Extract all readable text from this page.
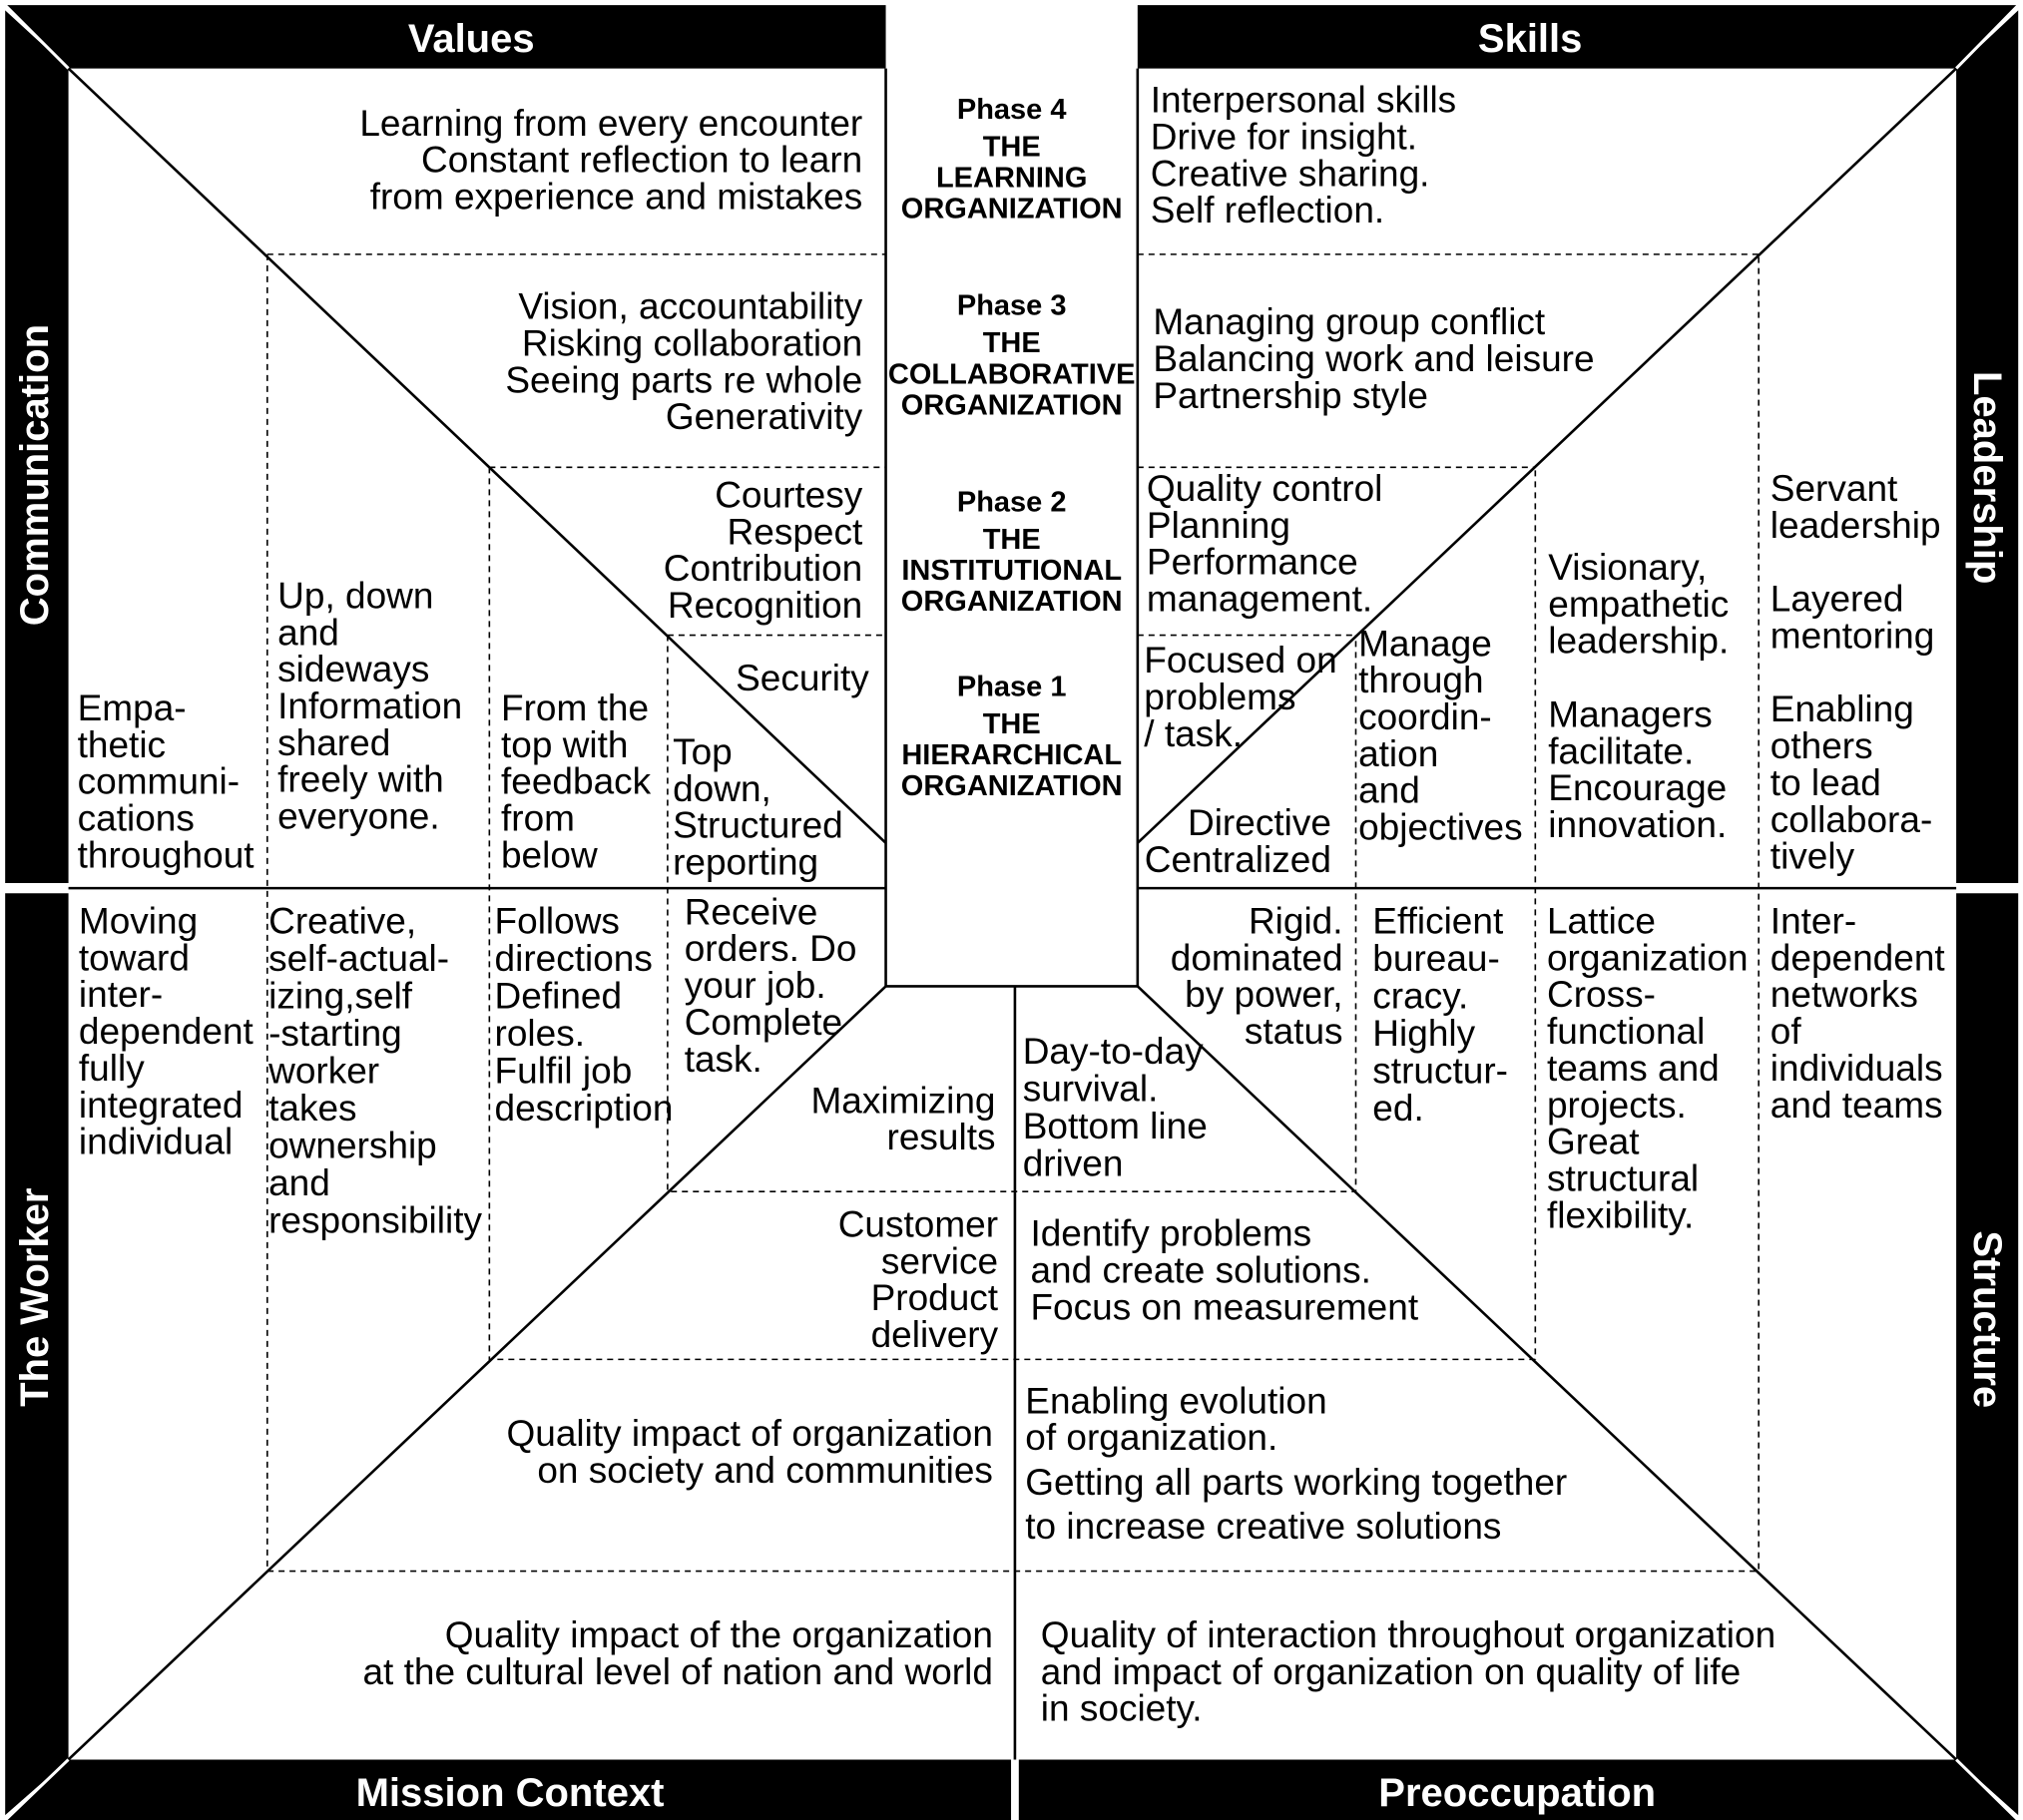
Values	Skills
Mission Context	Preoccupation
Communication
The Worker
Leadership
Structure
Phase 4
THE
LEARNING
ORGANIZATION
Phase 3
THE
COLLABORATIVE
ORGANIZATION
Phase 2
THE
INSTITUTIONAL
ORGANIZATION
Phase 1
THE
HIERARCHICAL
ORGANIZATION
Learning from every encounter
Constant reflection to learn
from experience and mistakes
Vision, accountability
Risking collaboration
Seeing parts re whole
Generativity
Courtesy
Respect
Contribution
Recognition
Security
Interpersonal skills
Drive for insight.
Creative sharing.
Self reflection.
Managing group conflict
Balancing work and leisure
Partnership style
Quality control
Planning
Performance
management.
Focused on
problems
/ task.
Empa-
thetic
communi-
cations
throughout
Up, down
and
sideways
Information
shared
freely with
everyone.
From the
top with
feedback
from
below
Top
down,
Structured
reporting
Directive
Centralized
Manage
through
coordin-
ation
and
objectives
Visionary,
empathetic
leadership.
Managers
facilitate.
Encourage
innovation.
Servant
leadership
Layered
mentoring
Enabling
others
to lead
collabora-
tively
Moving
toward
inter-
dependent
fully
integrated
individual
Creative,
self-actual-
izing,self
-starting
worker
takes
ownership
and
responsibility
Follows
directions
Defined
roles.
Fulfil job
description
Receive
orders. Do
your job.
Complete
task.
Rigid.
dominated
by power,
status
Efficient
bureau-
cracy.
Highly
structur-
ed.
Lattice
organization
Cross-
functional
teams and
projects.
Great
structural
flexibility.
Inter-
dependent
networks
of
individuals
and teams
Maximizing
results
Customer
service
Product
delivery
Quality impact of organization
on society and communities
Quality impact of the organization
at the cultural level of nation and world
Day-to-day
survival.
Bottom line
driven
Identify problems
and create solutions.
Focus on measurement
Enabling evolution
of organization.
Getting all parts working together
to increase creative solutions
Quality of interaction throughout organization
and impact of organization on quality of life
in society.
